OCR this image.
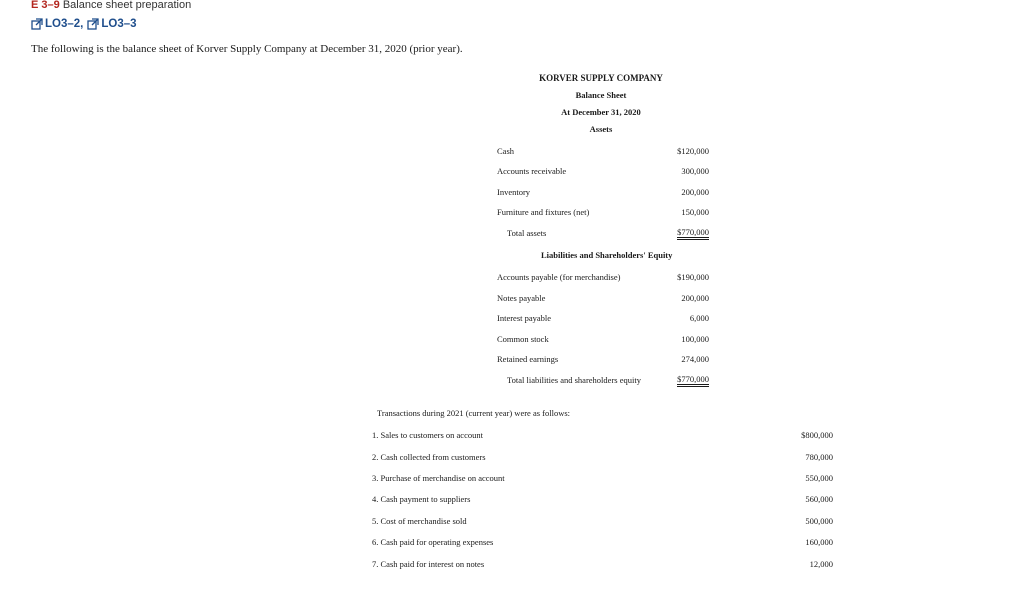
E 3–9 Balance sheet preparation
LO3–2, LO3–3
The following is the balance sheet of Korver Supply Company at December 31, 2020 (prior year).
KORVER SUPPLY COMPANY
Balance Sheet
At December 31, 2020
Assets
Cash	$120,000
Accounts receivable	300,000
Inventory	200,000
Furniture and fixtures (net)	150,000
Total assets	$770,000
Liabilities and Shareholders' Equity
Accounts payable (for merchandise)	$190,000
Notes payable	200,000
Interest payable	6,000
Common stock	100,000
Retained earnings	274,000
Total liabilities and shareholders equity	$770,000
Transactions during 2021 (current year) were as follows:
1. Sales to customers on account	$800,000
2. Cash collected from customers	780,000
3. Purchase of merchandise on account	550,000
4. Cash payment to suppliers	560,000
5. Cost of merchandise sold	500,000
6. Cash paid for operating expenses	160,000
7. Cash paid for interest on notes	12,000
